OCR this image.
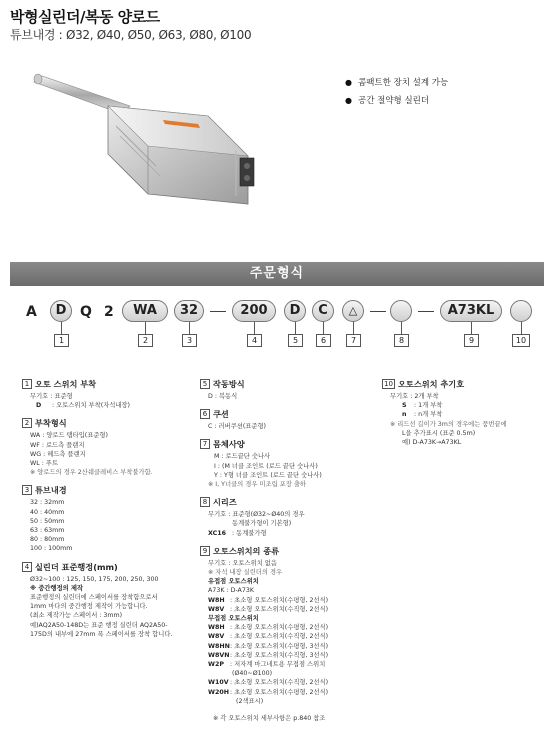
박형실린더/복동 양로드
튜브내경 : Ø32, Ø40, Ø50, Ø63, Ø80, Ø100
● 콤팩트한 장치 설계 가능
● 공간 절약형 실린더
주문형식
A	D Q 2	WA	32	200	D	C	△	A73KL
1	2	3	4	5	6	7	8	9	10
1 오토 스위치 부착
무기호 : 표준형
D : 오토스위치 부착(자석내장)
2 부착형식
WA : 양로드 탭타입(표준형)
WF : 로드측 플랜지
WG : 헤드측 플랜지
WL : 푸트
※ 양로드의 경우 2산쉐클레비스 부착불가함.
3 튜브내경
32 : 32mm
40 : 40mm
50 : 50mm
63 : 63mm
80 : 80mm
100 : 100mm
4 실린더 표준행정(mm)
Ø32~100 : 125, 150, 175, 200, 250, 300
※ 중간행정의 제작
표준행정의 실린더에 스페이서를 장착함으로서
1mm 마다의 중간행정 제작이 가능합니다.
(최소 제작가능 스페이서 : 3mm)
예)AQ2A50-148D는 표준 행정 실린더 AQ2A50-
175D의 내부에 27mm 폭 스페이서를 장착 합니다.
5 작동방식
D : 복동식
6 쿠션
C : 러버쿠션(표준형)
7 몸체사양
M : 로드끝단 숫나사
I : (M 너클 조인트 (로드 끝단 숫나사)
Y : Y형 너클 조인트 (로드 끝단 숫나사)
※ I, Y너클의 경우 미조립 포장 출하
8 시리즈
무기호 : 표준형(Ø32~Ø40의 경우
동계불가형이 기본형)
XC16 : 동계불가형
9 오토스위치의 종류
무기호 : 오토스위치 없음
※ 자석 내장 실린더의 경우
유접점 오토스위치
A73K : D-A73K
W8H : 초소형 오토스위치(수평형, 2선식)
W8V : 초소형 오토스위치(수직형, 2선식)
무접점 오토스위치
W8H : 초소형 오토스위치(수평형, 2선식)
W8V : 초소형 오토스위치(수직형, 2선식)
W8HN: 초소형 오토스위치(수평형, 3선식)
W8VN: 초소형 오토스위치(수직형, 3선식)
W2P : 저자계 마그네트용 무접점 스위치
(Ø40~Ø100)
W10V: 초소형 오토스위치(수직형, 2선식)
W20H: 초소형 오토스위치(수평형, 2선식)
(2색표시)
10 오토스위치 추기호
무기호 : 2개 부착
S : 1개 부착
n : n개 부착
※ 리드선 길이가 3m의 경우에는 품번끝에
L을 추가표시 (표준 0.5m)
예) D-A73K→A73KL
※ 각 오토스위치 세부사항은 p.840 참조
